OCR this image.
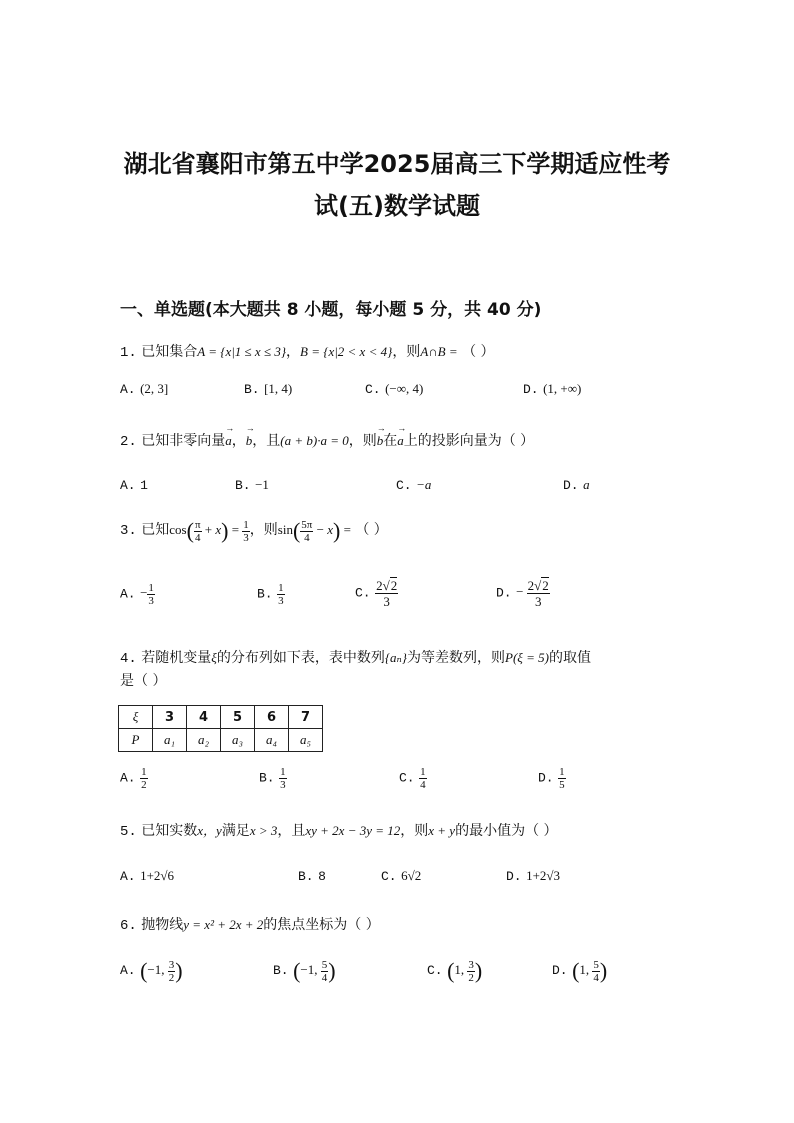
湖北省襄阳市第五中学2025届高三下学期适应性考
试(五)数学试题
一、单选题(本大题共 8 小题，每小题 5 分，共 40 分)
1. 已知集合A = {x|1 ≤ x ≤ 3}，B = {x|2 < x < 4}，则A∩B = （ ）
A. (2, 3]	B. [1, 4)	C. (−∞, 4)	D. (1, +∞)
2. 已知非零向量→ a，→ b，且(a + b)·a = 0，则→ b在→ a上的投影向量为（ ）
A. 1	B. −1	C. −a	D. a
3. 已知$\cos( \frac{\pi}{4} + x) = \frac{1}{3}$ ，则$\sin( \frac{5\pi}{4} - x)$ = （ ）
A. − $\frac{1}{3}$	B. $\frac{1}{3}$	C. $\frac{2√2}{3}$	D. − $\frac{2√2}{3}$
4. 若随机变量ξ的分布列如下表，表中数列{aₙ}为等差数列，则P(ξ = 5)的取值
是（ ）
ξ	3	4	5	6	7
P	a₁	a₂	a₃	a₄	a₅
A. $\frac{1}{2}$	B. $\frac{1}{3}$	C. $\frac{1}{4}$	D. $\frac{1}{5}$
5. 已知实数x，y满足x > 3，且xy + 2x − 3y = 12，则x + y的最小值为（ ）
A. 1+2√6	B. 8	C. 6√2	D. 1+2√3
6. 抛物线y = x² + 2x + 2的焦点坐标为（ ）
A. (−1, $\frac{3}{2}$ )	B. (−1, $\frac{5}{4}$ )	C. (1, $\frac{3}{2}$ )	D. (1, $\frac{5}{4}$ )
